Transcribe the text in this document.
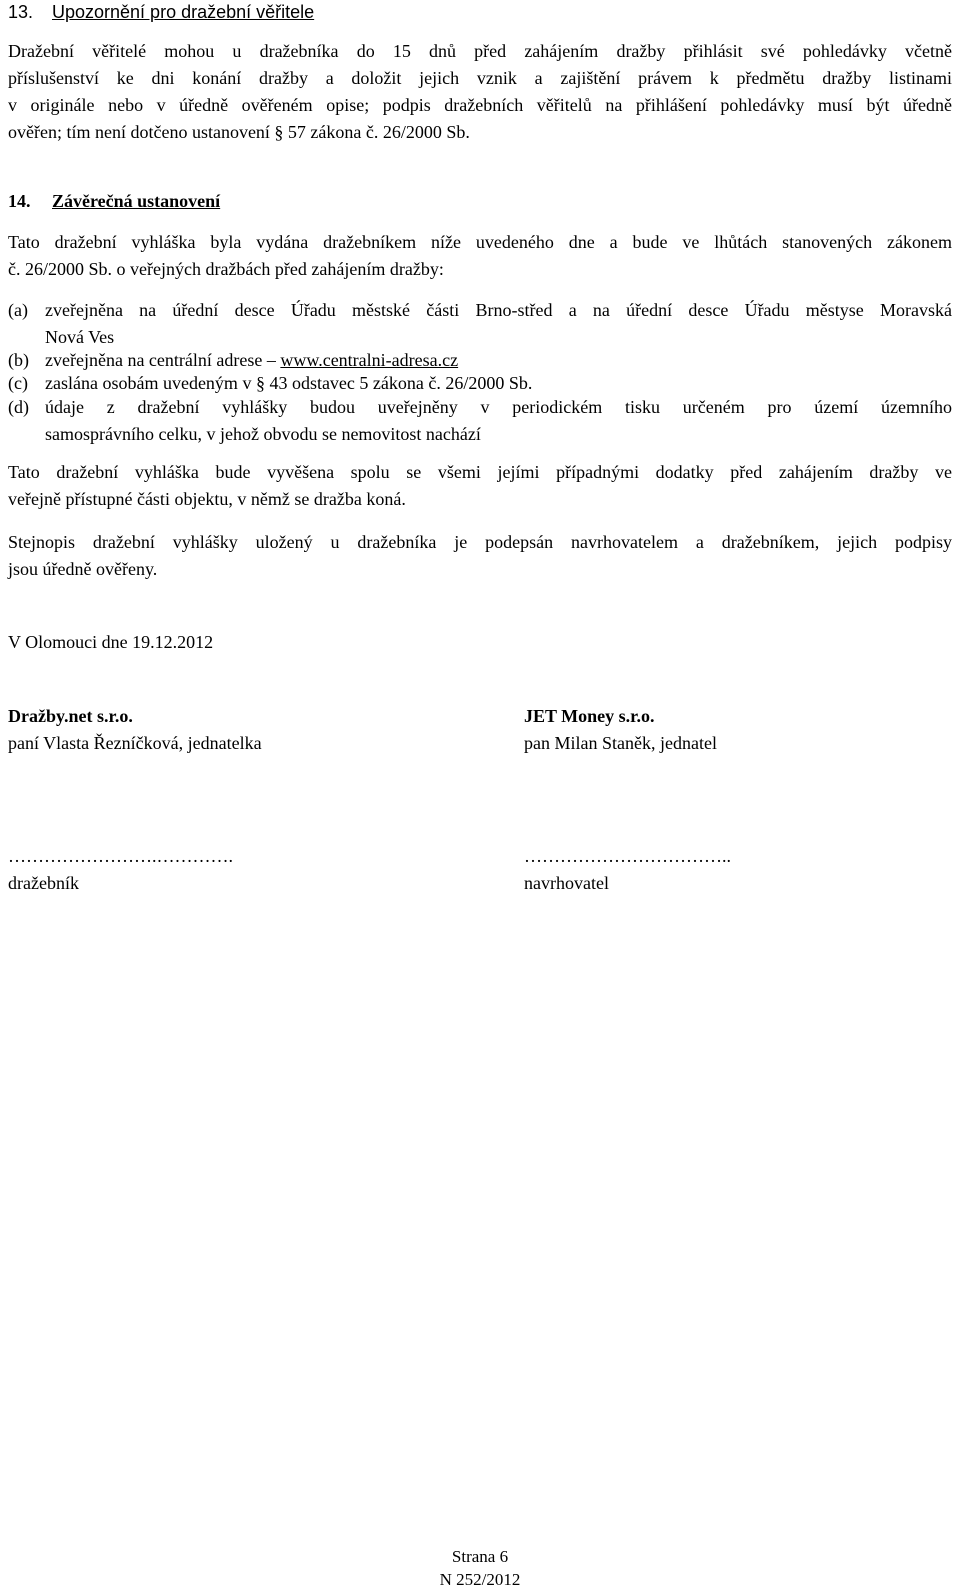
13. Upozornění pro dražební věřitele
Dražební věřitelé mohou u dražebníka do 15 dnů před zahájením dražby přihlásit své pohledávky včetně
příslušenství ke dni konání dražby a doložit jejich vznik a zajištění právem k předmětu dražby listinami
v originále nebo v úředně ověřeném opise; podpis dražebních věřitelů na přihlášení pohledávky musí být úředně
ověřen; tím není dotčeno ustanovení § 57 zákona č. 26/2000 Sb.
14. Závěrečná ustanovení
Tato dražební vyhláška byla vydána dražebníkem níže uvedeného dne a bude ve lhůtách stanovených zákonem
č. 26/2000 Sb. o veřejných dražbách před zahájením dražby:
(a) zveřejněna na úřední desce Úřadu městské části Brno-střed a na úřední desce Úřadu městyse Moravská
Nová Ves
(b) zveřejněna na centrální adrese – www.centralni-adresa.cz
(c) zaslána osobám uvedeným v § 43 odstavec 5 zákona č. 26/2000 Sb.
(d) údaje z dražební vyhlášky budou uveřejněny v periodickém tisku určeném pro území územního
samosprávního celku, v jehož obvodu se nemovitost nachází
Tato dražební vyhláška bude vyvěšena spolu se všemi jejími případnými dodatky před zahájením dražby ve
veřejně přístupné části objektu, v němž se dražba koná.
Stejnopis dražební vyhlášky uložený u dražebníka je podepsán navrhovatelem a dražebníkem, jejich podpisy
jsou úředně ověřeny.
V Olomouci dne 19.12.2012
Dražby.net s.r.o.
paní Vlasta Řezníčková, jednatelka
JET Money s.r.o.
pan Milan Staněk, jednatel
…………………….………….
dražebník
……………………………..
navrhovatel
Strana 6
N 252/2012
